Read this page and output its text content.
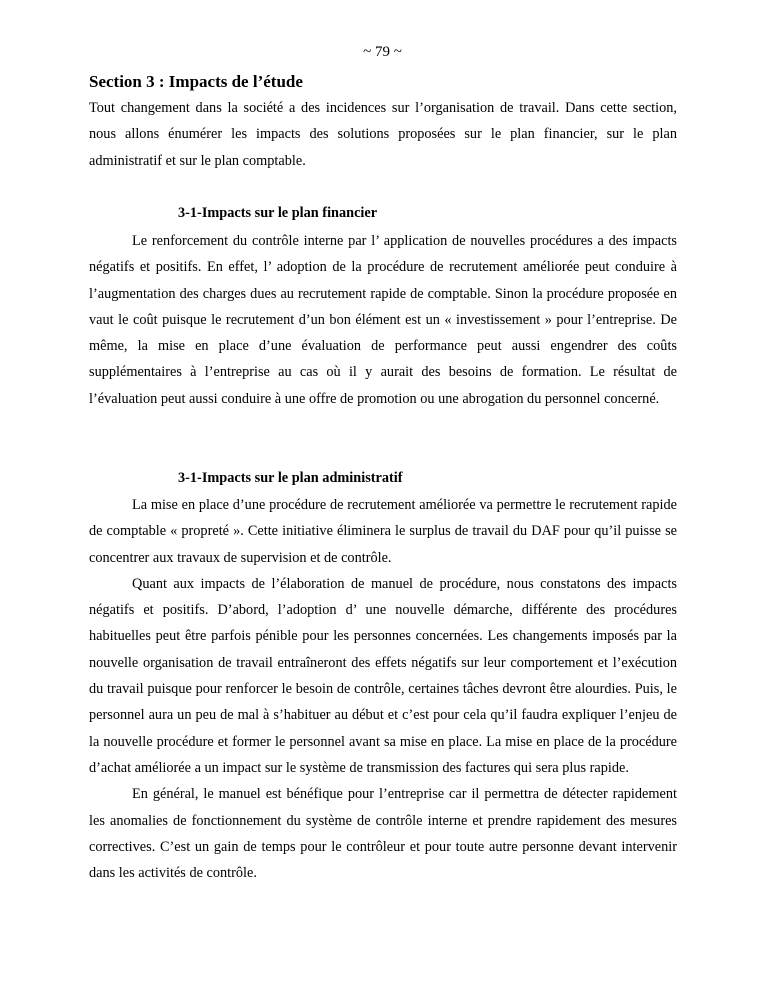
~ 79 ~
Section 3 : Impacts de l’étude

Tout changement dans la société a des incidences sur l’organisation de travail. Dans cette section, nous allons énumérer les impacts des solutions proposées sur le plan financier, sur le plan administratif et sur le plan comptable.

3-1-Impacts sur le plan financier

Le renforcement du contrôle interne par l’ application de nouvelles procédures a des impacts négatifs et positifs. En effet, l’ adoption de la procédure de recrutement améliorée peut conduire à l’augmentation des charges dues au recrutement rapide de comptable. Sinon la procédure proposée en vaut le coût puisque le recrutement d’un bon élément est un « investissement » pour l’entreprise. De même, la mise en place d’une évaluation de performance peut aussi engendrer des coûts supplémentaires à l’entreprise au cas où il y aurait des besoins de formation. Le résultat de l’évaluation peut aussi conduire à une offre de promotion ou une abrogation du personnel concerné.

3-1-Impacts sur le plan administratif

La mise en place d’une procédure de recrutement améliorée va permettre le recrutement rapide de comptable « propreté ». Cette initiative éliminera le surplus de travail du DAF pour qu’il puisse se concentrer aux travaux de supervision et de contrôle.

Quant aux impacts de l’élaboration de manuel de procédure, nous constatons des impacts négatifs et positifs. D’abord, l’adoption d’ une nouvelle démarche, différente des procédures habituelles peut être parfois pénible pour les personnes concernées. Les changements imposés par la nouvelle organisation de travail entraîneront des effets négatifs sur leur comportement et l’exécution du travail puisque pour renforcer le besoin de contrôle, certaines tâches devront être alourdies. Puis, le personnel aura un peu de mal à s’habituer au début et c’est pour cela qu’il faudra expliquer l’enjeu de la nouvelle procédure et former le personnel avant sa mise en place. La mise en place de la procédure d’achat améliorée a un impact sur le système de transmission des factures qui sera plus rapide.

En général, le manuel est bénéfique pour l’entreprise car il permettra de détecter rapidement les anomalies de fonctionnement du système de contrôle interne et prendre rapidement des mesures correctives. C’est un gain de temps pour le contrôleur et pour toute autre personne devant intervenir dans les activités de contrôle.
